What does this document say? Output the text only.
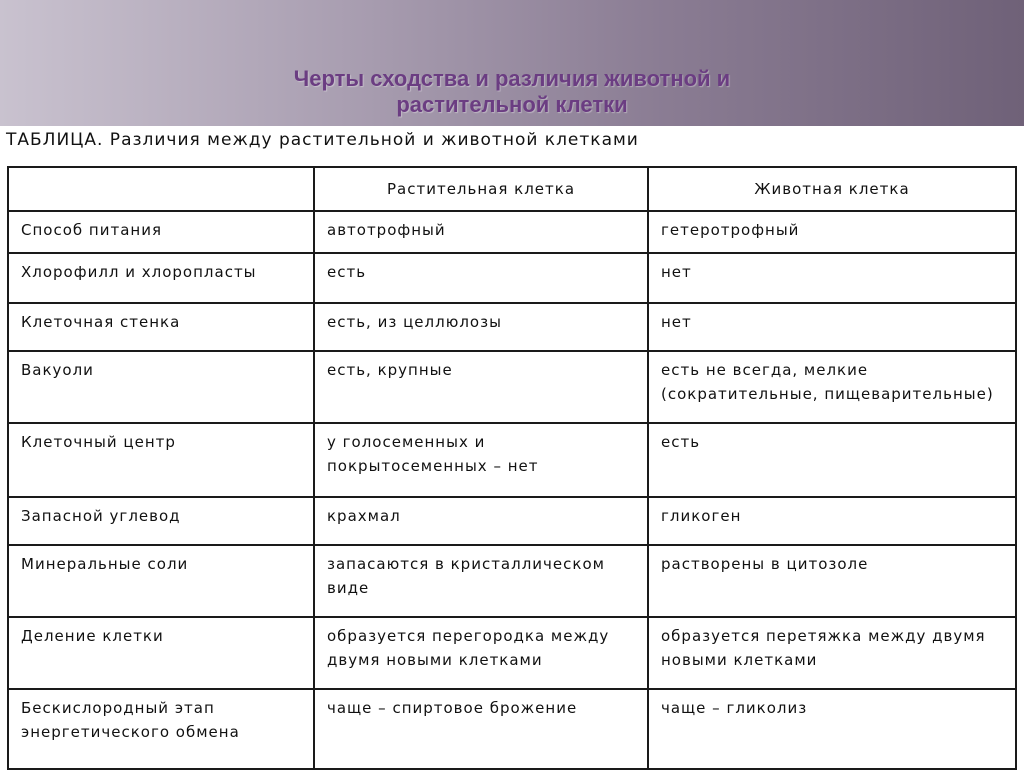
Черты сходства и различия животной и
растительной клетки
ТАБЛИЦА. Различия между растительной и животной клетками
	Растительная клетка	Животная клетка
Способ питания	автотрофный	гетеротрофный
Хлорофилл и хлоропласты	есть	нет
Клеточная стенка	есть, из целлюлозы	нет
Вакуоли	есть, крупные	есть не всегда, мелкие (сократительные, пищеварительные)
Клеточный центр	у голосеменных и покрытосеменных – нет	есть
Запасной углевод	крахмал	гликоген
Минеральные соли	запасаются в кристаллическом виде	растворены в цитозоле
Деление клетки	образуется перегородка между двумя новыми клетками	образуется перетяжка между двумя новыми клетками
Бескислородный этап энергетического обмена	чаще – спиртовое брожение	чаще – гликолиз
